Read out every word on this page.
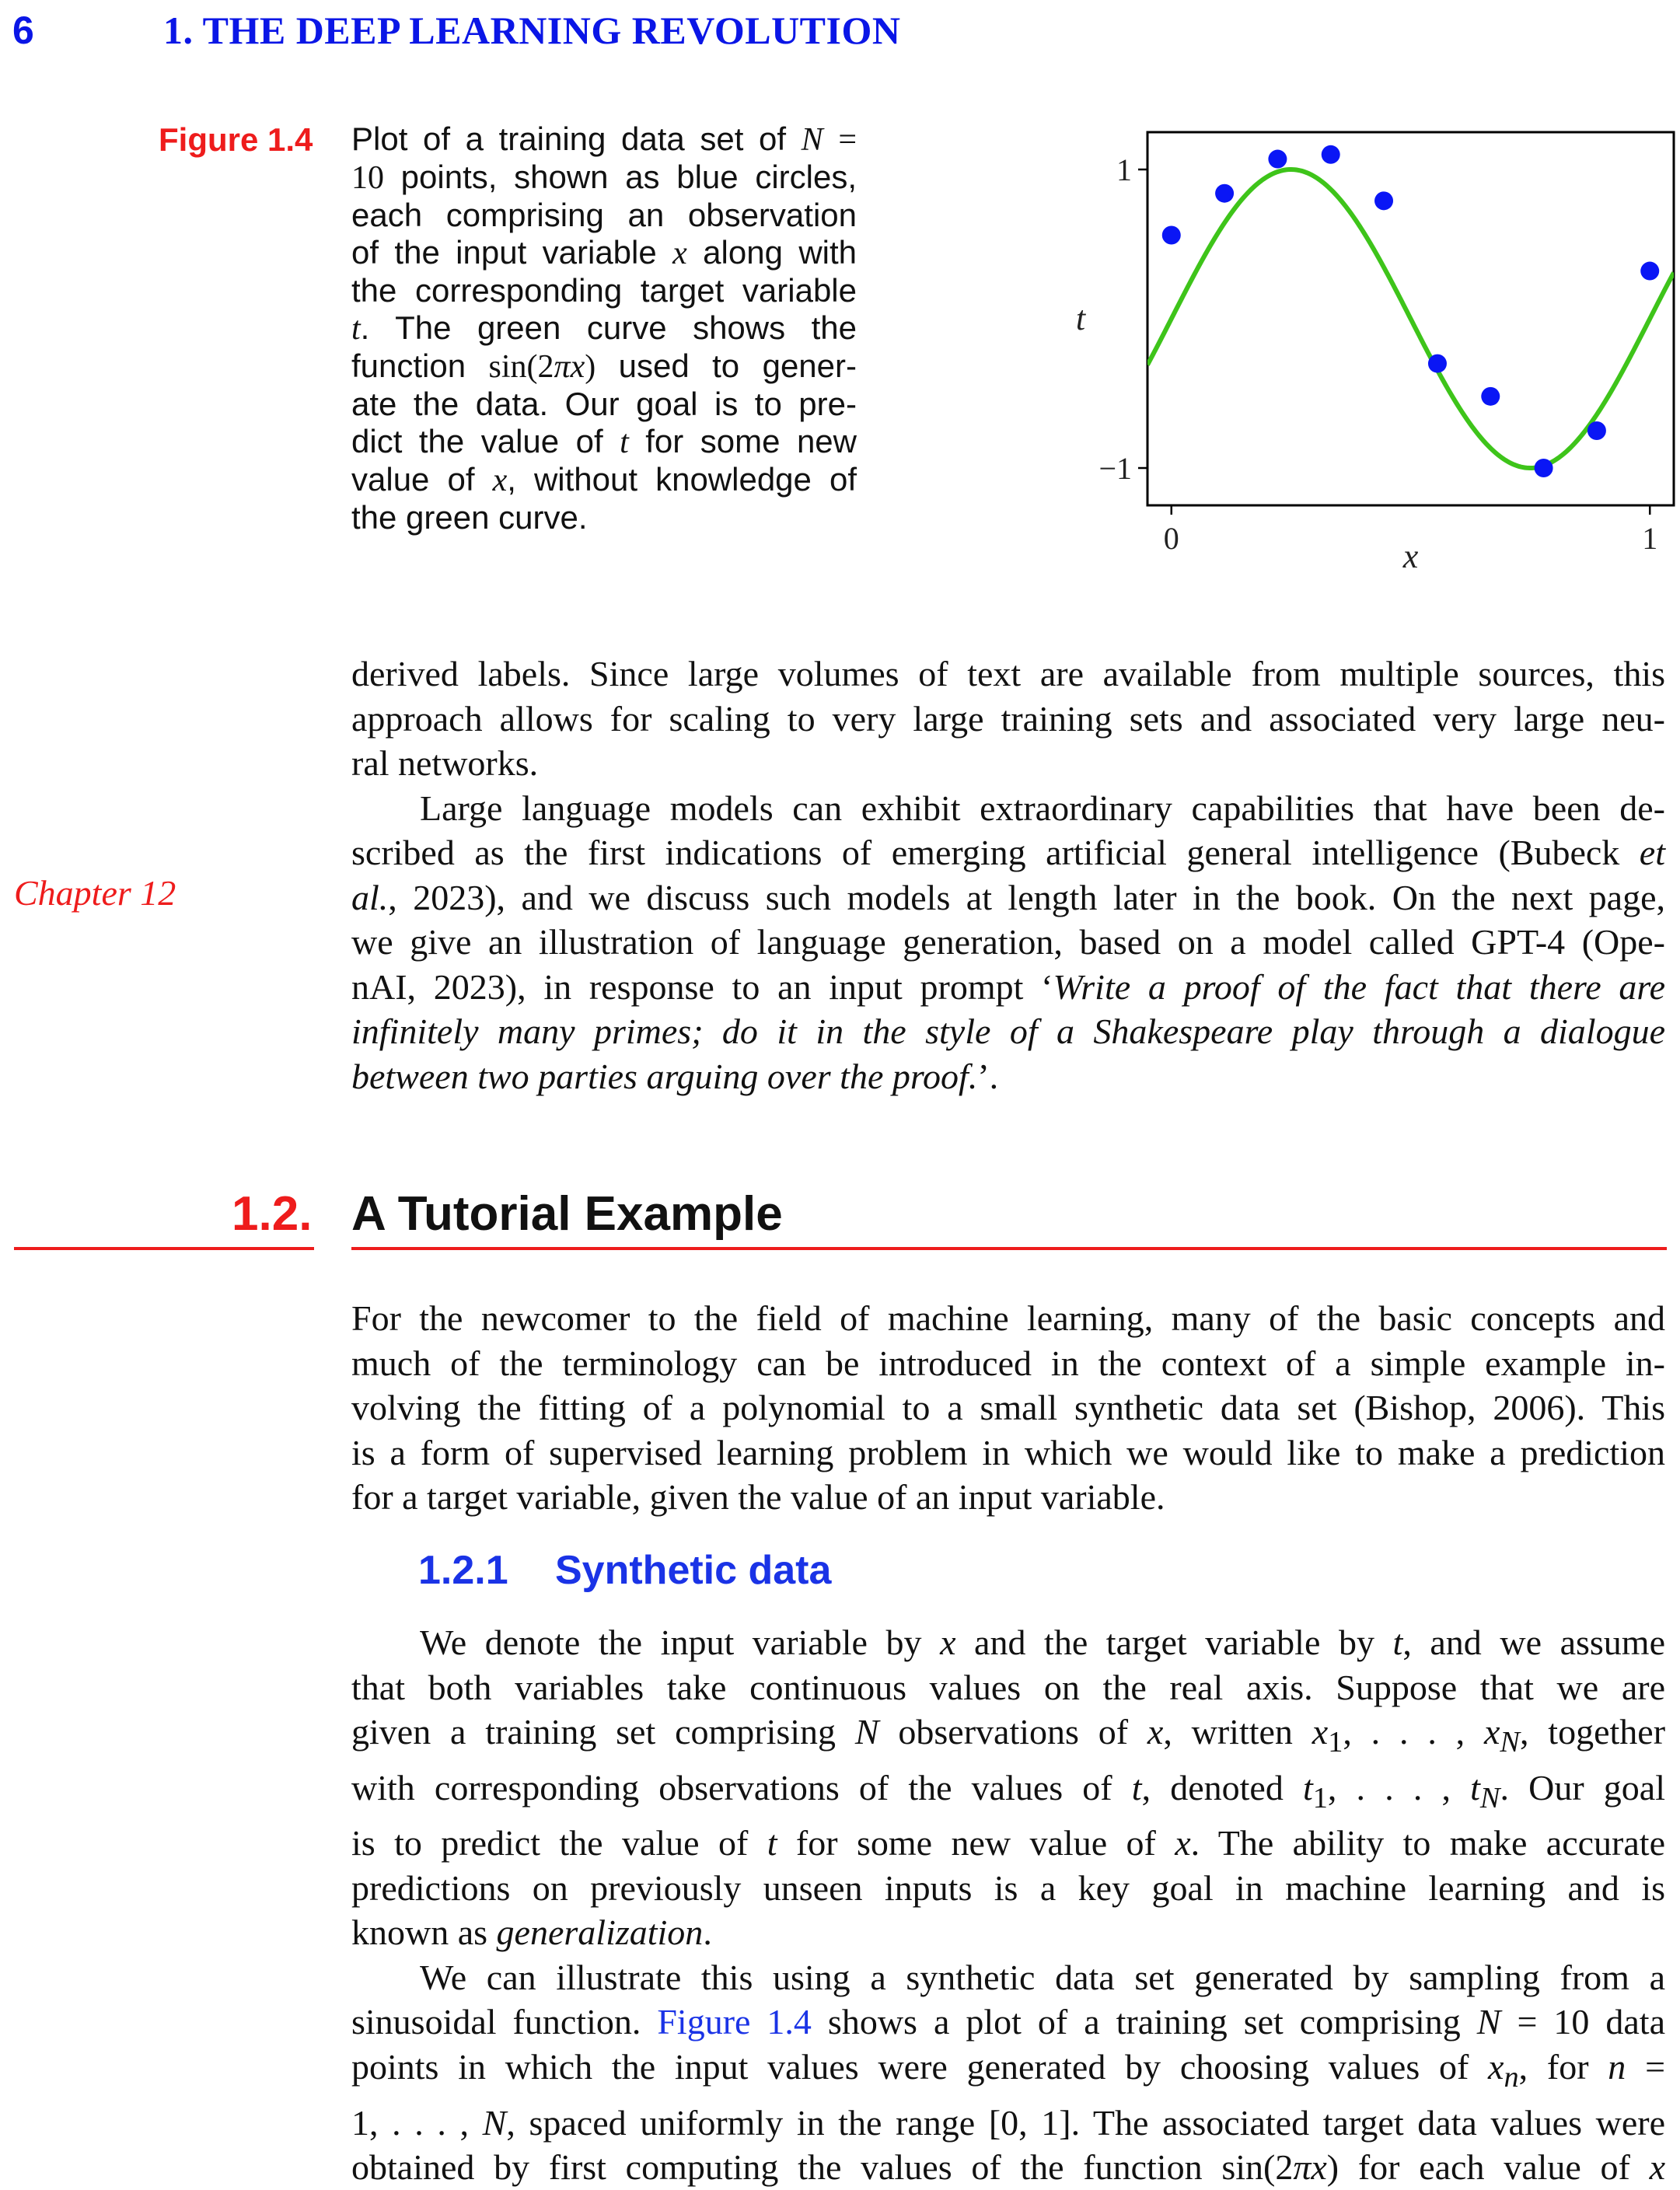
6	1. THE DEEP LEARNING REVOLUTION
Figure 1.4 Plot of a training data set of N =
10 points, shown as blue circles,
each comprising an observation
of the input variable x along with
the corresponding target variable
t. The green curve shows the
function sin(2πx) used to gener-
ate the data. Our goal is to pre-
dict the value of t for some new
value of x, without knowledge of
the green curve.
1
−1
0	1
x
t
derived labels. Since large volumes of text are available from multiple sources, this
approach allows for scaling to very large training sets and associated very large neu-
ral networks.
Large language models can exhibit extraordinary capabilities that have been de-
scribed as the first indications of emerging artificial general intelligence (Bubeck et
al., 2023), and we discuss such models at length later in the book. On the next page,
we give an illustration of language generation, based on a model called GPT-4 (Ope-
nAI, 2023), in response to an input prompt ‘Write a proof of the fact that there are
infinitely many primes; do it in the style of a Shakespeare play through a dialogue
between two parties arguing over the proof.’.
Chapter 12
1.2. A Tutorial Example
For the newcomer to the field of machine learning, many of the basic concepts and
much of the terminology can be introduced in the context of a simple example in-
volving the fitting of a polynomial to a small synthetic data set (Bishop, 2006). This
is a form of supervised learning problem in which we would like to make a prediction
for a target variable, given the value of an input variable.
1.2.1 Synthetic data
We denote the input variable by x and the target variable by t, and we assume
that both variables take continuous values on the real axis. Suppose that we are
given a training set comprising N observations of x, written $x_1$, . . . , $x_N$, together
with corresponding observations of the values of t, denoted $t_1$, . . . , $t_N$. Our goal
is to predict the value of t for some new value of x. The ability to make accurate
predictions on previously unseen inputs is a key goal in machine learning and is
known as generalization.
We can illustrate this using a synthetic data set generated by sampling from a
sinusoidal function. Figure 1.4 shows a plot of a training set comprising N = 10 data
points in which the input values were generated by choosing values of $x_n$, for n =
1, . . . , N, spaced uniformly in the range [0, 1]. The associated target data values were
obtained by first computing the values of the function sin(2πx) for each value of x
